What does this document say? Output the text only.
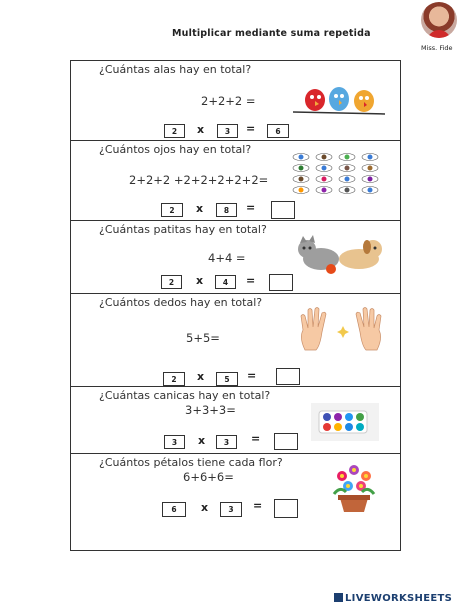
Multiplicar mediante suma repetida
Miss. Fide
¿Cuántas alas hay en total?
2+2+2 =
2	x	3	=	6
¿Cuántos ojos hay en total?
2+2+2 +2+2+2+2+2=
2	x	8	=
¿Cuántas patitas hay en total?
4+4 =
2	x	4	=
¿Cuántos dedos hay en total?
5+5=
2	x	5	=
¿Cuántas canicas hay en total?
3+3+3=
3	x	3	=
¿Cuántos pétalos tiene cada flor?
6+6+6=
6	x	3	=
LIVEWORKSHEETS
